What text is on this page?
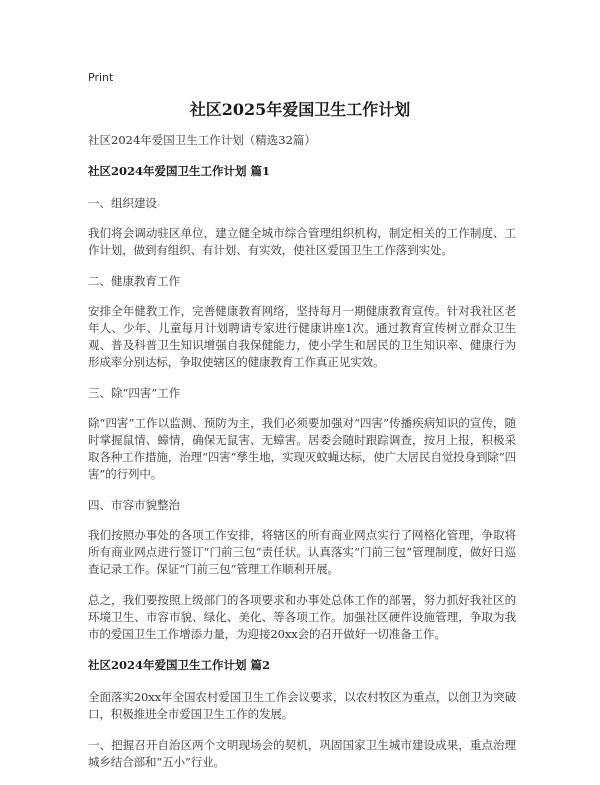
Print
社区2025年爱国卫生工作计划
社区2024年爱国卫生工作计划（精选32篇）
社区2024年爱国卫生工作计划 篇1
一、组织建设

我们将会调动驻区单位，建立健全城市综合管理组织机构，制定相关的工作制度、工作计划，做到有组织、有计划、有实效，使社区爱国卫生工作落到实处。

二、健康教育工作

安排全年健教工作，完善健康教育网络，坚持每月一期健康教育宣传。针对我社区老年人、少年、儿童每月计划聘请专家进行健康讲座1次。通过教育宣传树立群众卫生观、普及科普卫生知识增强自我保健能力，使小学生和居民的卫生知识率、健康行为形成率分别达标，争取使辖区的健康教育工作真正见实效。

三、除“四害”工作

除“四害”工作以监测、预防为主，我们必须要加强对“四害”传播疾病知识的宣传，随时掌握鼠情、蟑情，确保无鼠害、无蟑害。居委会随时跟踪调查，按月上报，积极采取各种工作措施，治理“四害”孳生地，实现灭蚊蝇达标，使广大居民自觉投身到除“四害”的行列中。

四、市容市貌整治

我们按照办事处的各项工作安排，将辖区的所有商业网点实行了网格化管理，争取将所有商业网点进行签订“门前三包”责任状。认真落实“门前三包”管理制度，做好日巡查记录工作。保证“门前三包”管理工作顺利开展。

总之，我们要按照上级部门的各项要求和办事处总体工作的部署，努力抓好我社区的环境卫生、市容市貌、绿化、美化、等各项工作。加强社区硬件设施管理，争取为我市的爱国卫生工作增添力量，为迎接20xx会的召开做好一切准备工作。

社区2024年爱国卫生工作计划 篇2

全面落实20xx年全国农村爱国卫生工作会议要求，以农村牧区为重点，以创卫为突破口，积极推进全市爱国卫生工作的发展。

一、把握召开自治区两个文明现场会的契机，巩固国家卫生城市建设成果，重点治理城乡结合部和“五小”行业。
